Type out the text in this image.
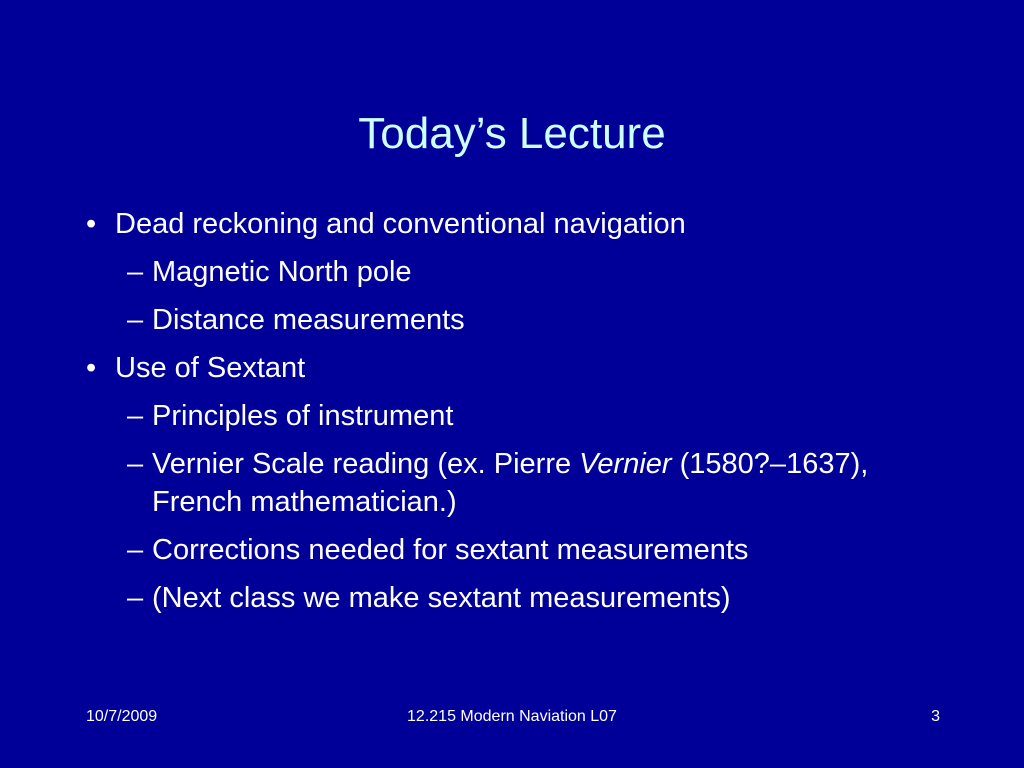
Today’s Lecture
• Dead reckoning and conventional navigation
– Magnetic North pole
– Distance measurements
• Use of Sextant
– Principles of instrument
– Vernier Scale reading (ex. Pierre Vernier (1580?–1637), French mathematician.)
– Corrections needed for sextant measurements
– (Next class we make sextant measurements)
10/7/2009	12.215 Modern Naviation L07	3
